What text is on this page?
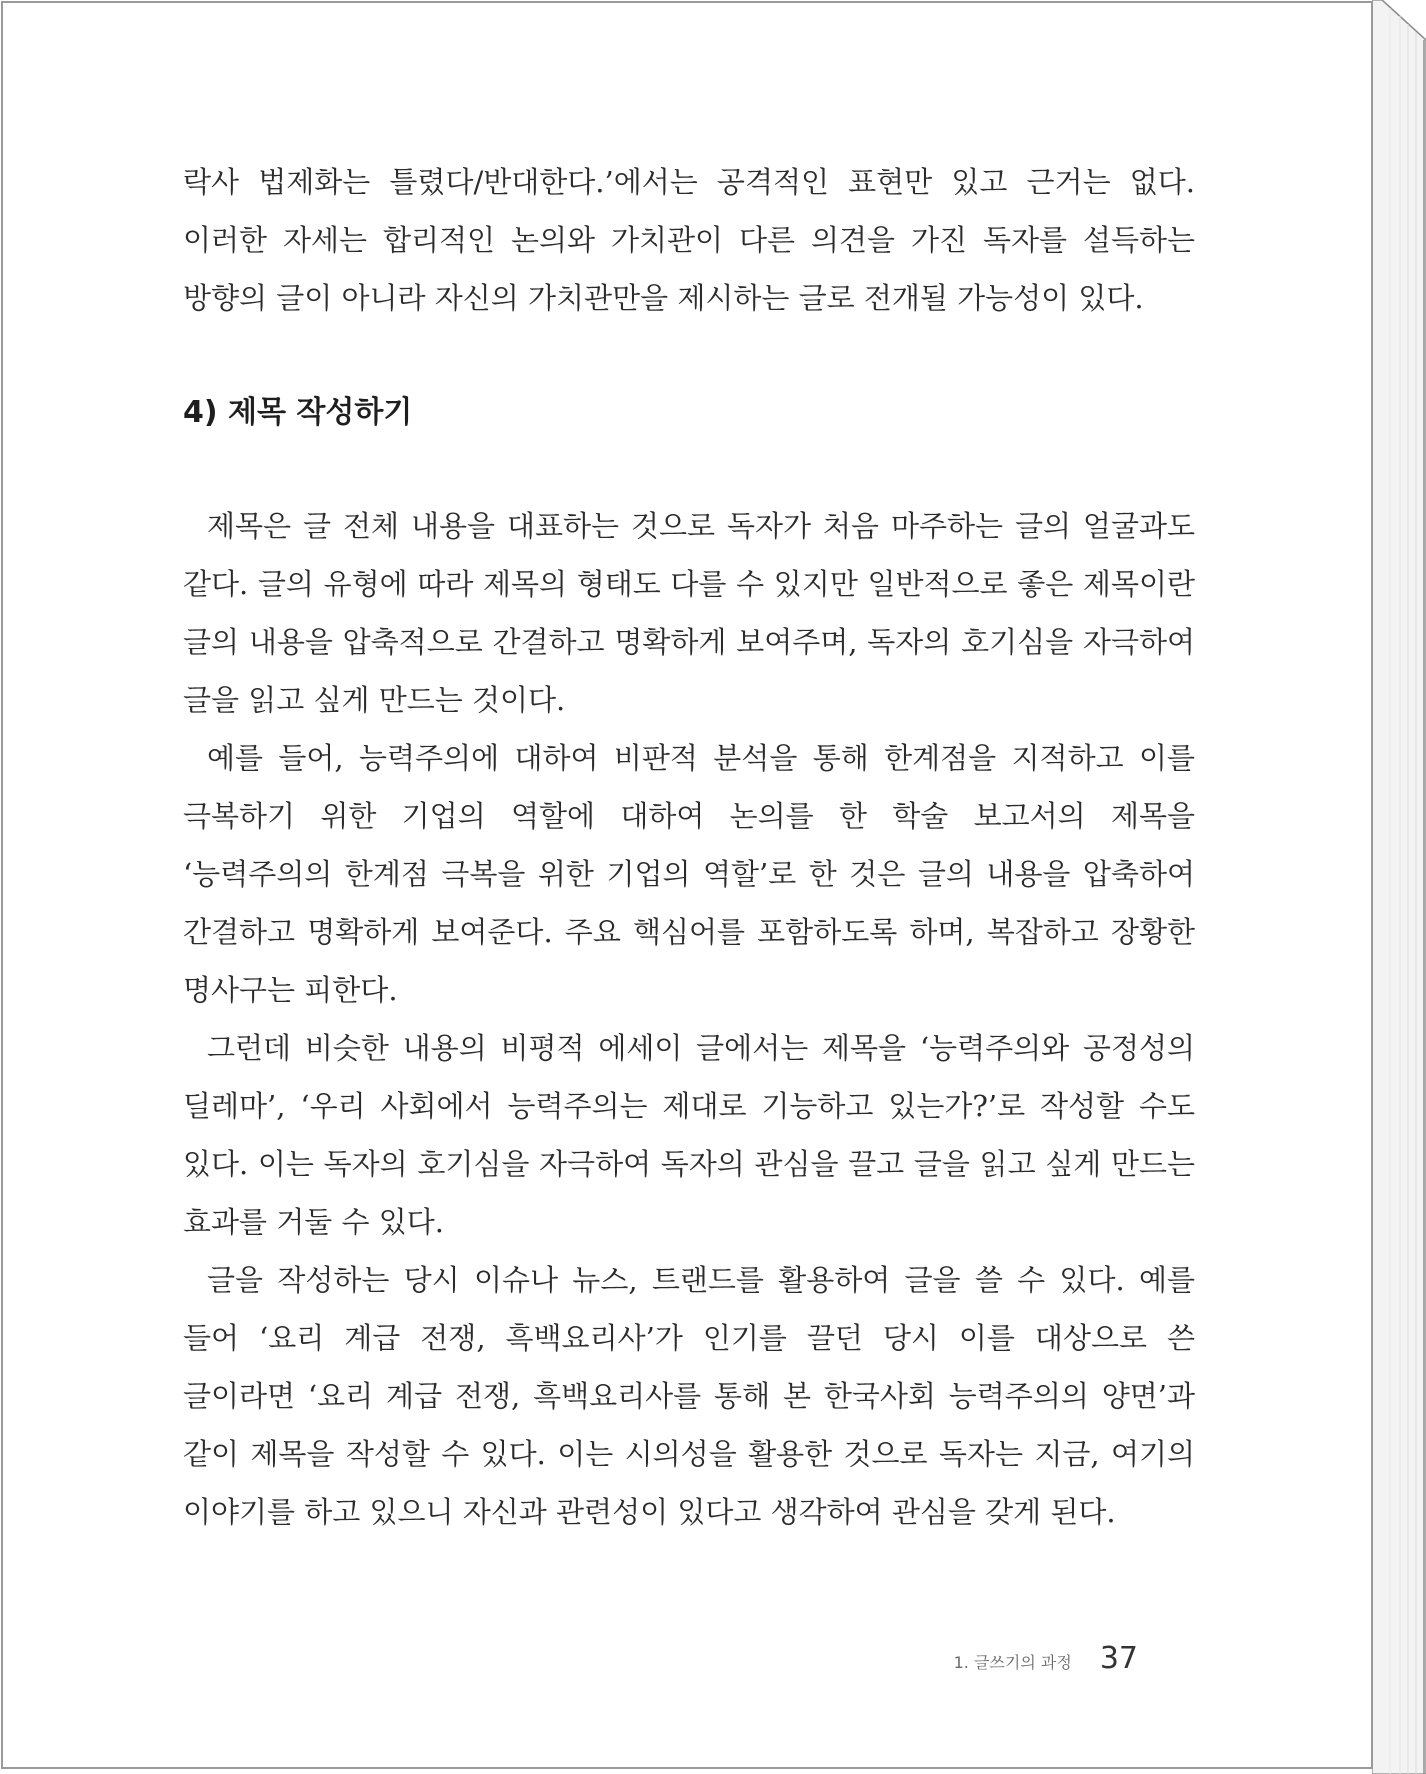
락사 법제화는 틀렸다/반대한다.’에서는 공격적인 표현만 있고 근거는 없다. 이러한 자세는 합리적인 논의와 가치관이 다른 의견을 가진 독자를 설득하는 방향의 글이 아니라 자신의 가치관만을 제시하는 글로 전개될 가능성이 있다.

4) 제목 작성하기

제목은 글 전체 내용을 대표하는 것으로 독자가 처음 마주하는 글의 얼굴과도 같다. 글의 유형에 따라 제목의 형태도 다를 수 있지만 일반적으로 좋은 제목이란 글의 내용을 압축적으로 간결하고 명확하게 보여주며, 독자의 호기심을 자극하여 글을 읽고 싶게 만드는 것이다.

예를 들어, 능력주의에 대하여 비판적 분석을 통해 한계점을 지적하고 이를 극복하기 위한 기업의 역할에 대하여 논의를 한 학술 보고서의 제목을 ‘능력주의의 한계점 극복을 위한 기업의 역할’로 한 것은 글의 내용을 압축하여 간결하고 명확하게 보여준다. 주요 핵심어를 포함하도록 하며, 복잡하고 장황한 명사구는 피한다.

그런데 비슷한 내용의 비평적 에세이 글에서는 제목을 ‘능력주의와 공정성의 딜레마’, ‘우리 사회에서 능력주의는 제대로 기능하고 있는가?’로 작성할 수도 있다. 이는 독자의 호기심을 자극하여 독자의 관심을 끌고 글을 읽고 싶게 만드는 효과를 거둘 수 있다.

글을 작성하는 당시 이슈나 뉴스, 트랜드를 활용하여 글을 쓸 수 있다. 예를 들어 ‘요리 계급 전쟁, 흑백요리사’가 인기를 끌던 당시 이를 대상으로 쓴 글이라면 ‘요리 계급 전쟁, 흑백요리사를 통해 본 한국사회 능력주의의 양면’과 같이 제목을 작성할 수 있다. 이는 시의성을 활용한 것으로 독자는 지금, 여기의 이야기를 하고 있으니 자신과 관련성이 있다고 생각하여 관심을 갖게 된다.

1. 글쓰기의 과정 37
